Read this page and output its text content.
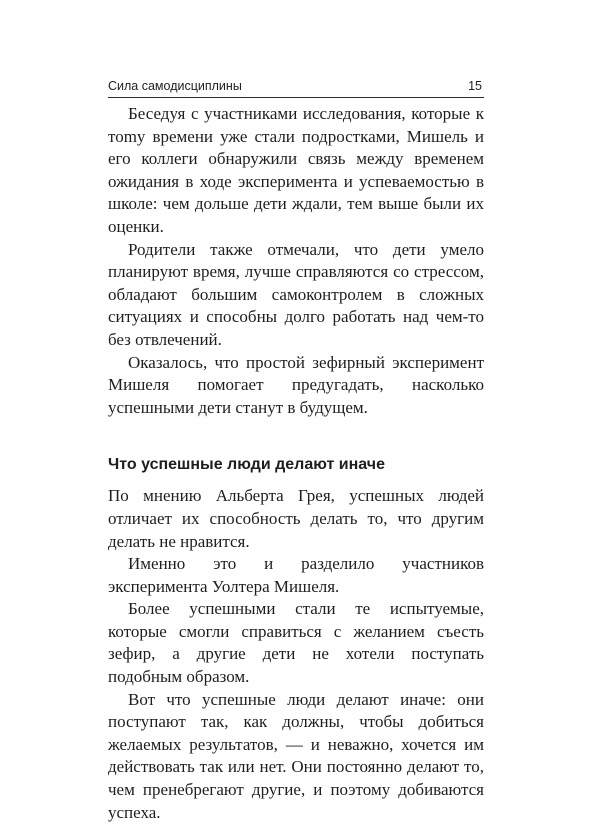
Сила самодисциплины	15

Беседуя с участниками исследования, которые к тоmу времени уже стали подростками, Мишель и его коллеги обнаружили связь между временем ожидания в ходе эксперимента и успеваемостью в школе: чем дольше дети ждали, тем выше были их оценки.

Родители также отмечали, что дети умело планируют время, лучше справляются со стрессом, обладают большим самоконтролем в сложных ситуациях и способны долго работать над чем-то без отвлечений.

Оказалось, что простой зефирный эксперимент Мишеля помогает предугадать, насколько успешными дети станут в будущем.

Что успешные люди делают иначе

По мнению Альберта Грея, успешных людей отличает их способность делать то, что другим делать не нравится.

Именно это и разделило участников эксперимента Уолтера Мишеля.

Более успешными стали те испытуемые, которые смогли справиться с желанием съесть зефир, а другие дети не хотели поступать подобным образом.

Вот что успешные люди делают иначе: они поступают так, как должны, чтобы добиться желаемых результатов, — и неважно, хочется им действовать так или нет. Они постоянно делают то, чем пренебрегают другие, и поэтому добиваются успеха.
